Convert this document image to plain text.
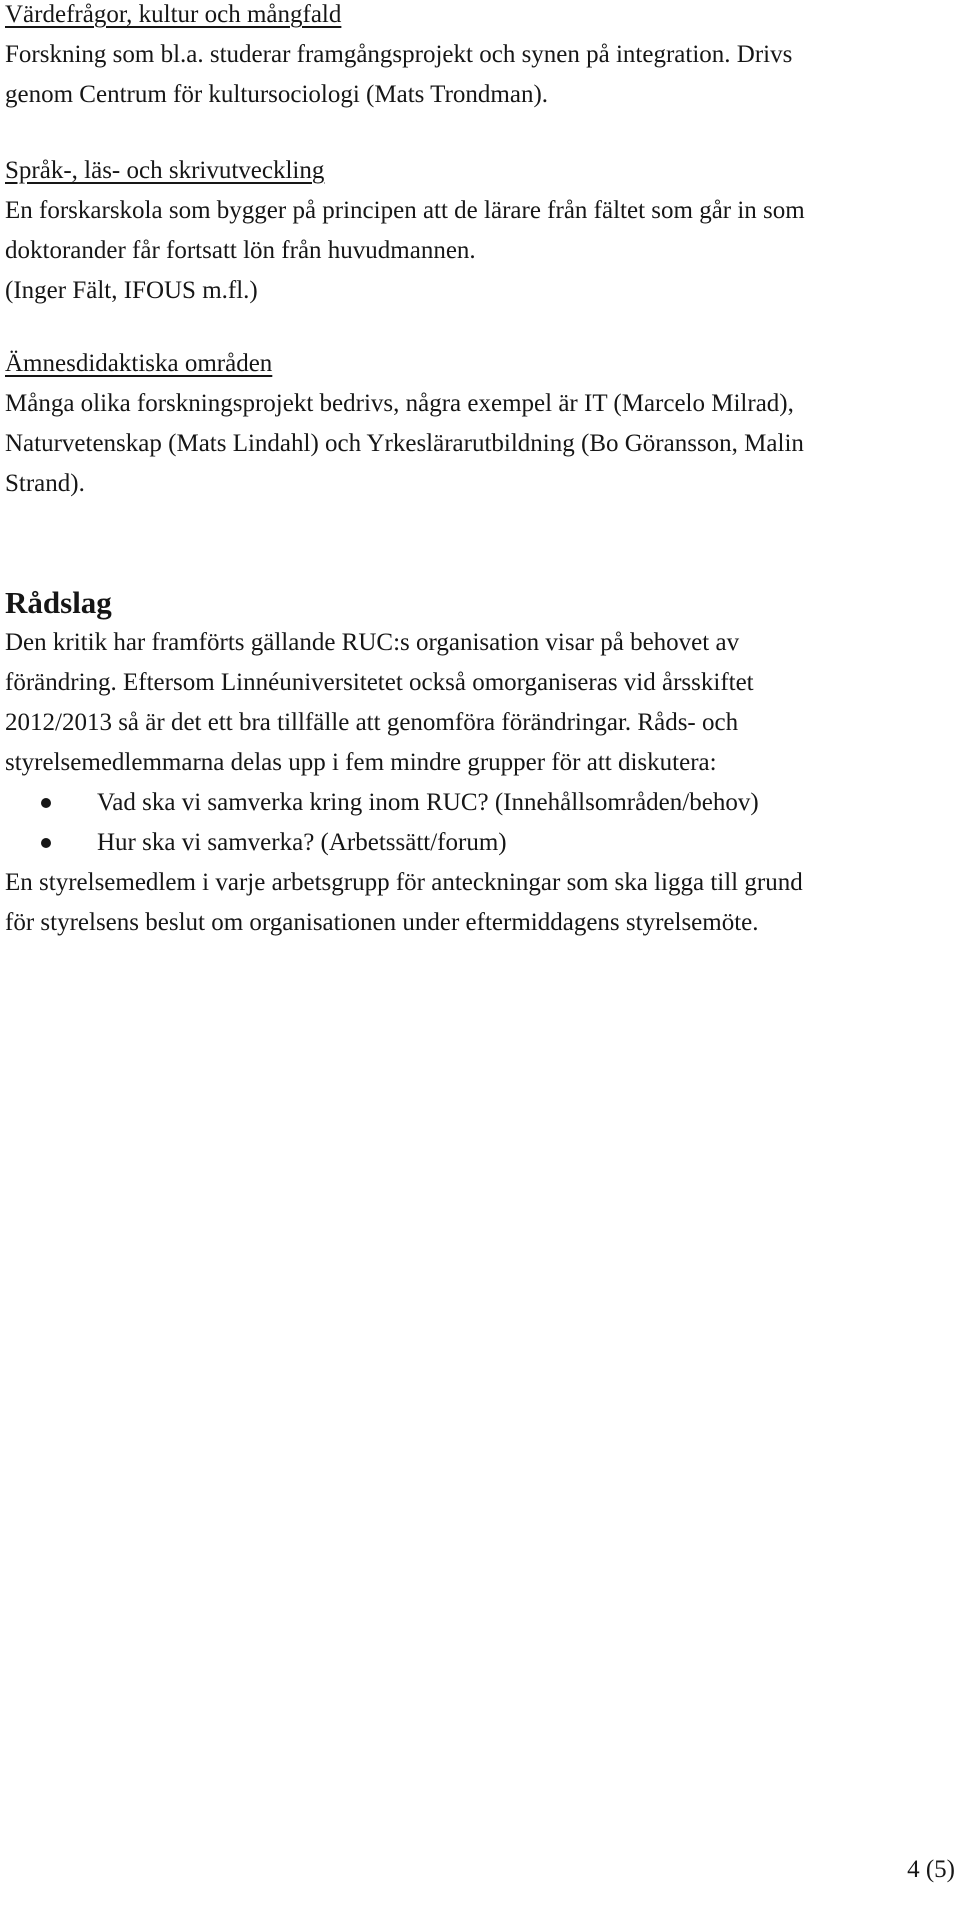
Värdefrågor, kultur och mångfald
Forskning som bl.a. studerar framgångsprojekt och synen på integration. Drivs
genom Centrum för kultursociologi (Mats Trondman).
Språk-, läs- och skrivutveckling
En forskarskola som bygger på principen att de lärare från fältet som går in som
doktorander får fortsatt lön från huvudmannen.
(Inger Fält, IFOUS m.fl.)
Ämnesdidaktiska områden
Många olika forskningsprojekt bedrivs, några exempel är IT (Marcelo Milrad),
Naturvetenskap (Mats Lindahl) och Yrkeslärarutbildning (Bo Göransson, Malin
Strand).
Rådslag
Den kritik har framförts gällande RUC:s organisation visar på behovet av
förändring. Eftersom Linnéuniversitetet också omorganiseras vid årsskiftet
2012/2013 så är det ett bra tillfälle att genomföra förändringar. Råds- och
styrelsemedlemmarna delas upp i fem mindre grupper för att diskutera:
Vad ska vi samverka kring inom RUC? (Innehållsområden/behov)
Hur ska vi samverka? (Arbetssätt/forum)
En styrelsemedlem i varje arbetsgrupp för anteckningar som ska ligga till grund
för styrelsens beslut om organisationen under eftermiddagens styrelsemöte.
4 (5)
